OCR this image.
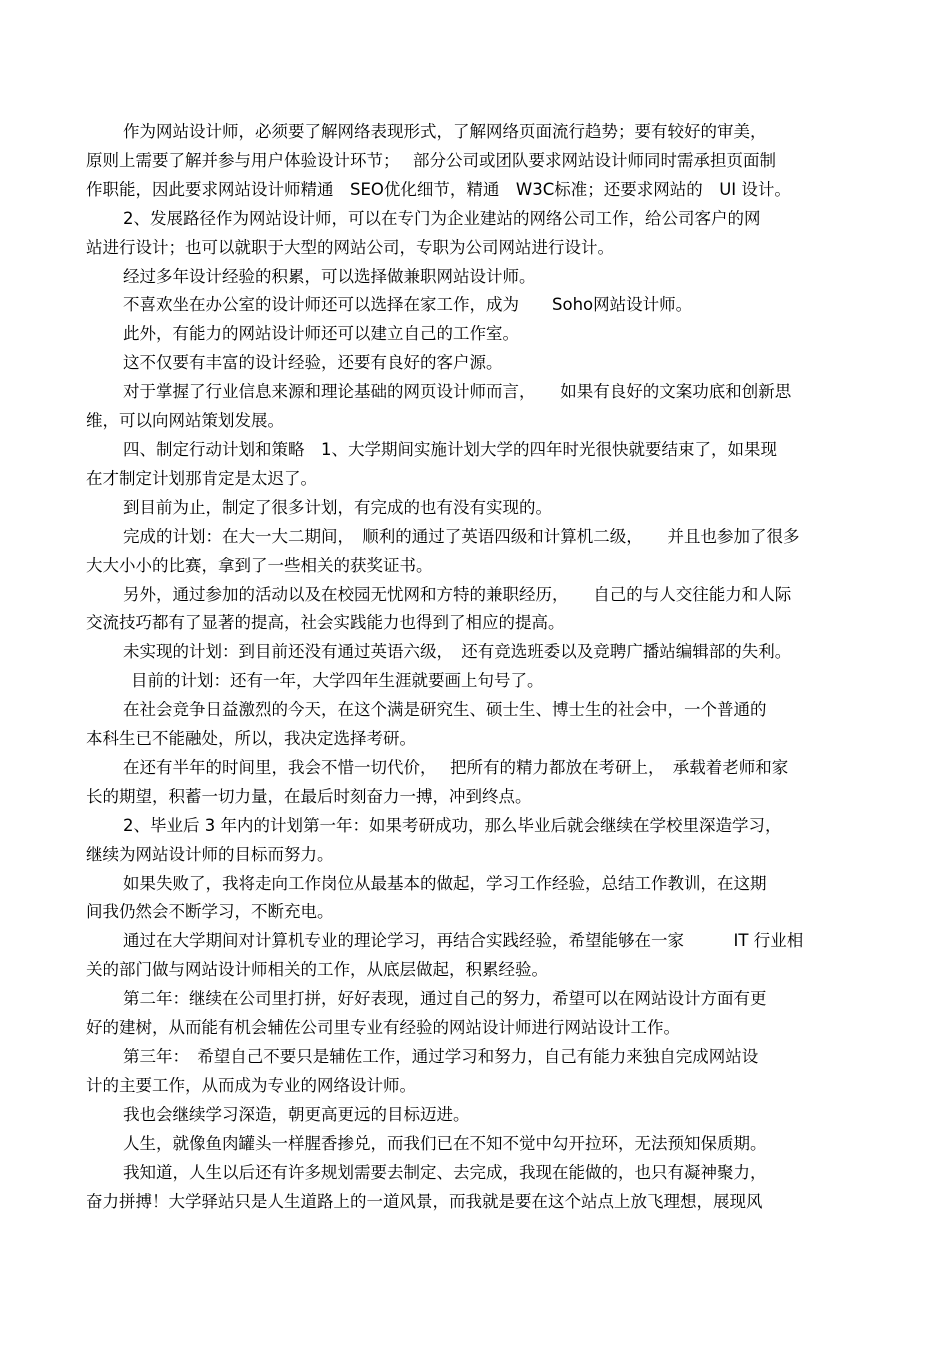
作为网站设计师，必须要了解网络表现形式，了解网络页面流行趋势；要有较好的审美，
原则上需要了解并参与用户体验设计环节；　 部分公司或团队要求网站设计师同时需承担页面制
作职能，因此要求网站设计师精通　SEO优化细节，精通　W3C标准；还要求网站的　UI 设计。

2、发展路径作为网站设计师，可以在专门为企业建站的网络公司工作，给公司客户的网
站进行设计；也可以就职于大型的网站公司，专职为公司网站进行设计。

经过多年设计经验的积累，可以选择做兼职网站设计师。

不喜欢坐在办公室的设计师还可以选择在家工作，成为　　Soho网站设计师。

此外，有能力的网站设计师还可以建立自己的工作室。

这不仅要有丰富的设计经验，还要有良好的客户源。

对于掌握了行业信息来源和理论基础的网页设计师而言，　　如果有良好的文案功底和创新思
维，可以向网站策划发展。

四、制定行动计划和策略　1、大学期间实施计划大学的四年时光很快就要结束了，如果现
在才制定计划那肯定是太迟了。

到目前为止，制定了很多计划，有完成的也有没有实现的。

完成的计划：在大一大二期间，　顺利的通过了英语四级和计算机二级，　　并且也参加了很多
大大小小的比赛，拿到了一些相关的获奖证书。

另外，通过参加的活动以及在校园无忧网和方特的兼职经历，　　自己的与人交往能力和人际
交流技巧都有了显著的提高，社会实践能力也得到了相应的提高。

未实现的计划：到目前还没有通过英语六级，　还有竞选班委以及竞聘广播站编辑部的失利。

目前的计划：还有一年，大学四年生涯就要画上句号了。

在社会竞争日益激烈的今天，在这个满是研究生、硕士生、博士生的社会中，一个普通的
本科生已不能融处，所以，我决定选择考研。

在还有半年的时间里，我会不惜一切代价，　 把所有的精力都放在考研上，　承载着老师和家
长的期望，积蓄一切力量，在最后时刻奋力一搏，冲到终点。

2、毕业后 3 年内的计划第一年：如果考研成功，那么毕业后就会继续在学校里深造学习，
继续为网站设计师的目标而努力。

如果失败了，我将走向工作岗位从最基本的做起，学习工作经验，总结工作教训，在这期
间我仍然会不断学习，不断充电。

通过在大学期间对计算机专业的理论学习，再结合实践经验，希望能够在一家　　　IT 行业相
关的部门做与网站设计师相关的工作，从底层做起，积累经验。

第二年：继续在公司里打拼，好好表现，通过自己的努力，希望可以在网站设计方面有更
好的建树，从而能有机会辅佐公司里专业有经验的网站设计师进行网站设计工作。

第三年：　希望自己不要只是辅佐工作，通过学习和努力，自己有能力来独自完成网站设
计的主要工作，从而成为专业的网络设计师。

我也会继续学习深造，朝更高更远的目标迈进。

人生，就像鱼肉罐头一样腥香掺兑，而我们已在不知不觉中勾开拉环，无法预知保质期。

我知道，人生以后还有许多规划需要去制定、去完成，我现在能做的，也只有凝神聚力，
奋力拼搏！大学驿站只是人生道路上的一道风景，而我就是要在这个站点上放飞理想，展现风
